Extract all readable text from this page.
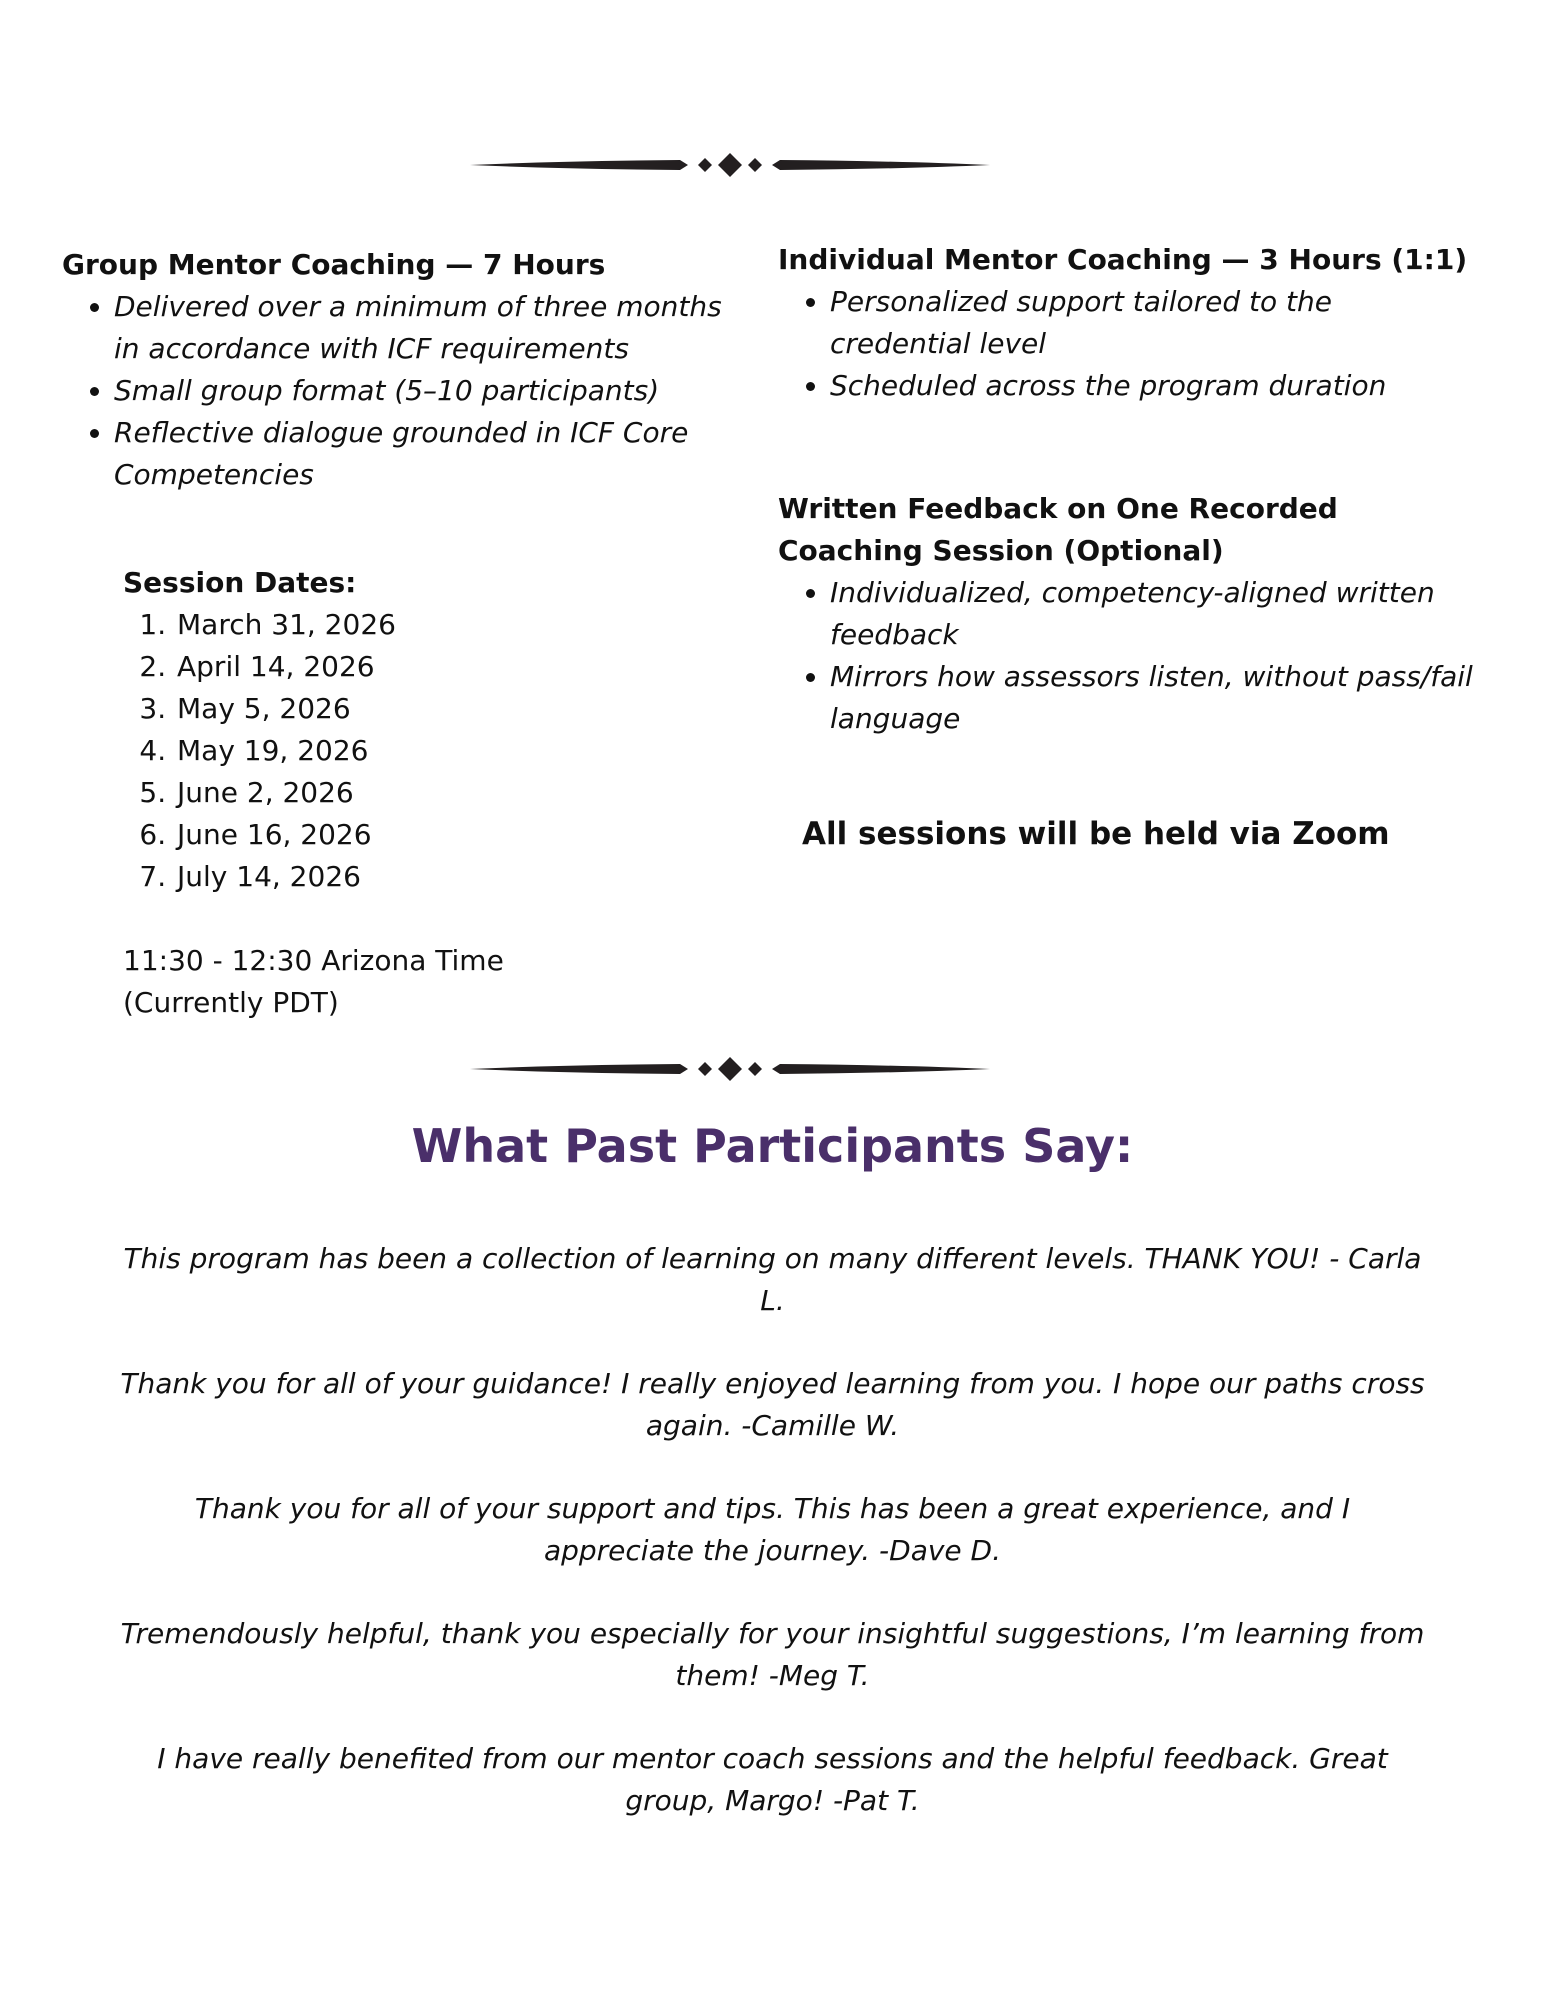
Group Mentor Coaching — 7 Hours

• Delivered over a minimum of three months in accordance with ICF requirements
• Small group format (5–10 participants)
• Reflective dialogue grounded in ICF Core Competencies
Session Dates:
1. March 31, 2026
2. April 14, 2026
3. May 5, 2026
4. May 19, 2026
5. June 2, 2026
6. June 16, 2026
7. July 14, 2026
11:30 - 12:30 Arizona Time
(Currently PDT)

Individual Mentor Coaching — 3 Hours (1:1)

• Personalized support tailored to the credential level
• Scheduled across the program duration

Written Feedback on One Recorded Coaching Session (Optional)

• Individualized, competency-aligned written feedback
• Mirrors how assessors listen, without pass/fail language
All sessions will be held via Zoom
What Past Participants Say:

This program has been a collection of learning on many different levels. THANK YOU! - Carla L.

Thank you for all of your guidance! I really enjoyed learning from you. I hope our paths cross again. -Camille W.

Thank you for all of your support and tips. This has been a great experience, and I appreciate the journey. -Dave D.

Tremendously helpful, thank you especially for your insightful suggestions, I’m learning from them! -Meg T.

I have really benefited from our mentor coach sessions and the helpful feedback. Great group, Margo! -Pat T.
